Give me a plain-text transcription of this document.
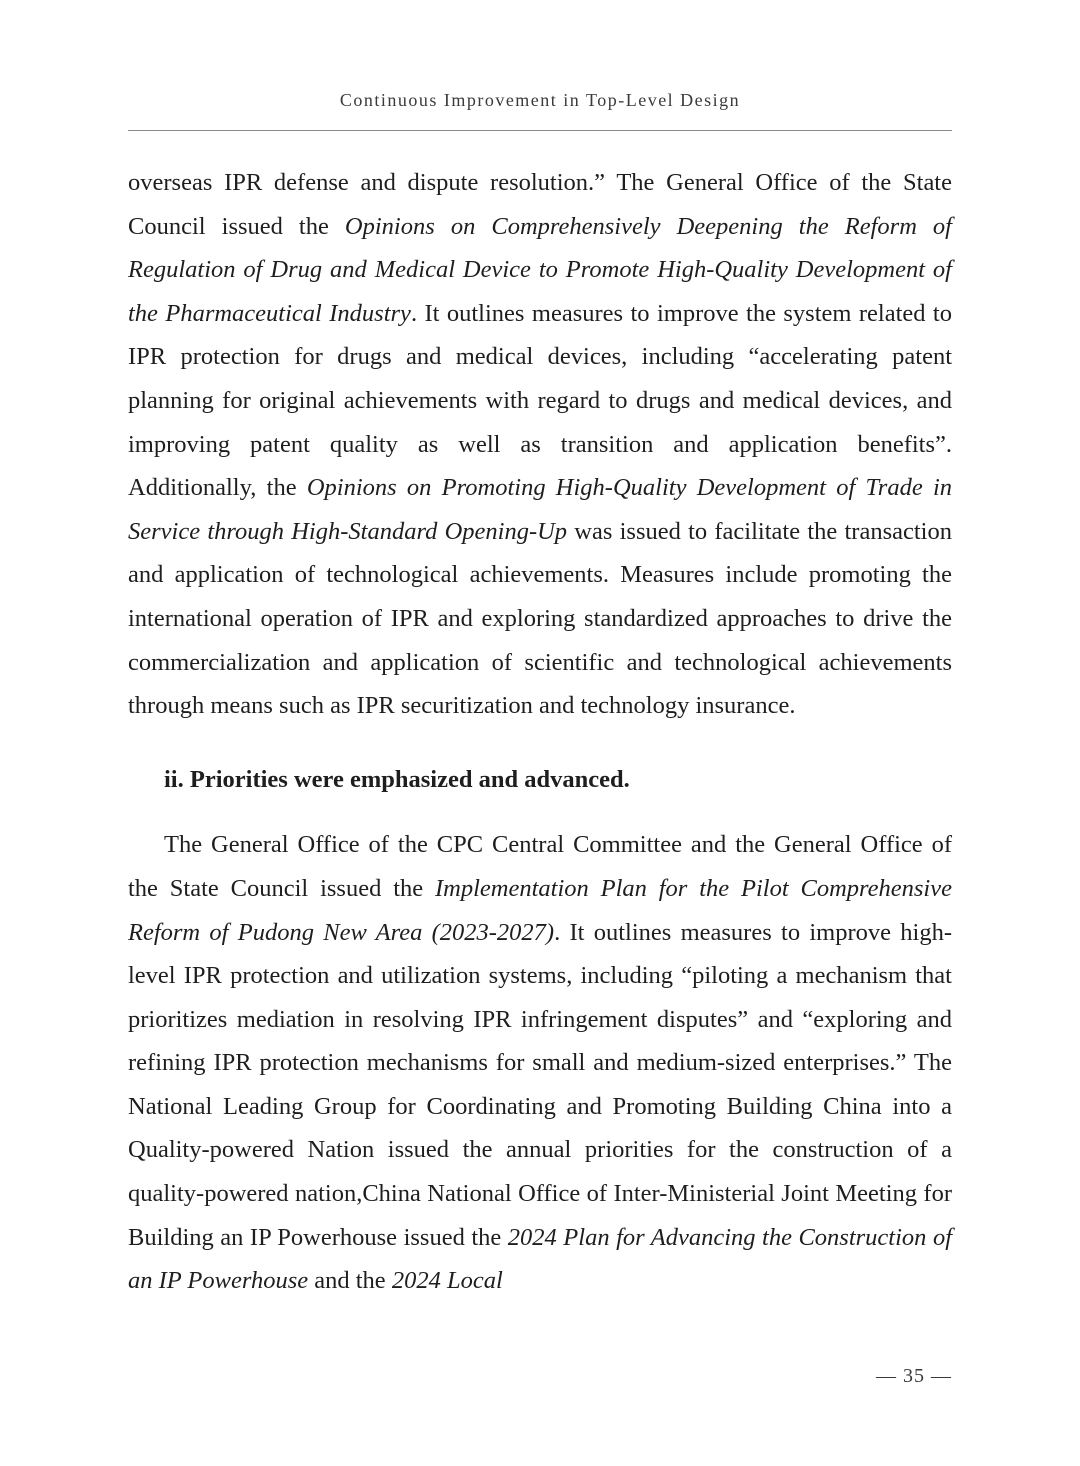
Continuous Improvement in Top-Level Design

overseas IPR defense and dispute resolution.” The General Office of the State Council issued the Opinions on Comprehensively Deepening the Reform of Regulation of Drug and Medical Device to Promote High-Quality Development of the Pharmaceutical Industry. It outlines measures to improve the system related to IPR protection for drugs and medical devices, including “accelerating patent planning for original achievements with regard to drugs and medical devices, and improving patent quality as well as transition and application benefits”. Additionally, the Opinions on Promoting High-Quality Development of Trade in Service through High-Standard Opening-Up was issued to facilitate the transaction and application of technological achievements. Measures include promoting the international operation of IPR and exploring standardized approaches to drive the commercialization and application of scientific and technological achievements through means such as IPR securitization and technology insurance.

ii. Priorities were emphasized and advanced.

The General Office of the CPC Central Committee and the General Office of the State Council issued the Implementation Plan for the Pilot Comprehensive Reform of Pudong New Area (2023-2027). It outlines measures to improve high-level IPR protection and utilization systems, including “piloting a mechanism that prioritizes mediation in resolving IPR infringement disputes” and “exploring and refining IPR protection mechanisms for small and medium-sized enterprises.” The National Leading Group for Coordinating and Promoting Building China into a Quality-powered Nation issued the annual priorities for the construction of a quality-powered nation,China National Office of Inter-Ministerial Joint Meeting for Building an IP Powerhouse issued the 2024 Plan for Advancing the Construction of an IP Powerhouse and the 2024 Local

— 35 —
